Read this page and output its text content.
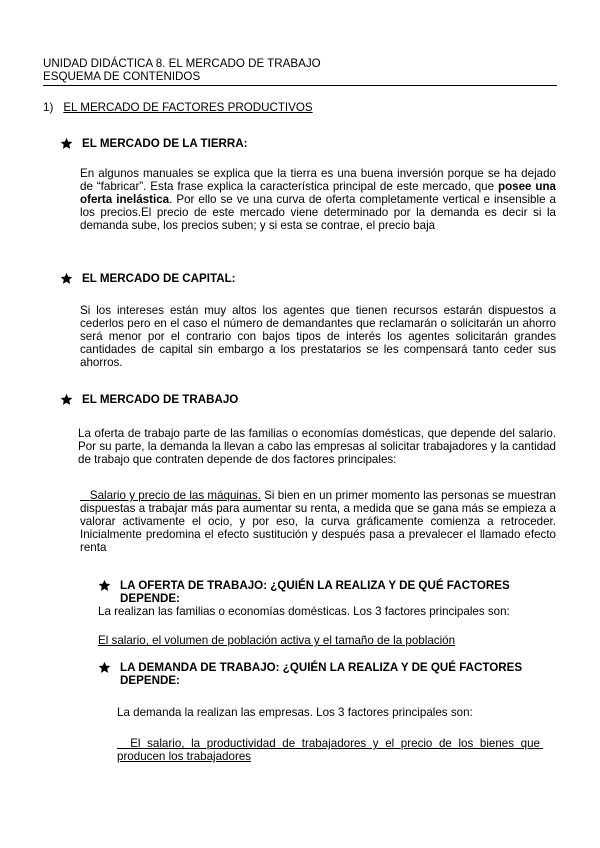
UNIDAD DIDÁCTICA 8. EL MERCADO DE TRABAJO
ESQUEMA DE CONTENIDOS
1) EL MERCADO DE FACTORES PRODUCTIVOS
EL MERCADO DE LA TIERRA:
En algunos manuales se explica que la tierra es una buena inversión porque se ha dejado de “fabricar”. Esta frase explica la característica principal de este mercado, que posee una oferta inelástica. Por ello se ve una curva de oferta completamente vertical e insensible a los precios.El precio de este mercado viene determinado por la demanda es decir si la demanda sube, los precios suben; y si esta se contrae, el precio baja
EL MERCADO DE CAPITAL:
Si los intereses están muy altos los agentes que tienen recursos estarán dispuestos a cederlos pero en el caso el número de demandantes que reclamarán o solicitarán un ahorro será menor por el contrario con bajos tipos de interés los agentes solicitarán grandes cantidades de capital sin embargo a los prestatarios se les compensará tanto ceder sus ahorros.
EL MERCADO DE TRABAJO
La oferta de trabajo parte de las familias o economías domésticas, que depende del salario. Por su parte, la demanda la llevan a cabo las empresas al solicitar trabajadores y la cantidad de trabajo que contraten depende de dos factores principales:
Salario y precio de las máquinas. Si bien en un primer momento las personas se muestran dispuestas a trabajar más para aumentar su renta, a medida que se gana más se empieza a valorar activamente el ocio, y por eso, la curva gráficamente comienza a retroceder. Inicialmente predomina el efecto sustitución y después pasa a prevalecer el llamado efecto renta
LA OFERTA DE TRABAJO: ¿QUIÉN LA REALIZA Y DE QUÉ FACTORES DEPENDE:
La realizan las familias o economías domésticas. Los 3 factores principales son:
El salario, el volumen de población activa y el tamaño de la población
LA DEMANDA DE TRABAJO: ¿QUIÉN LA REALIZA Y DE QUÉ FACTORES DEPENDE:
La demanda la realizan las empresas. Los 3 factores principales son:
El salario, la productividad de trabajadores y el precio de los bienes que producen los trabajadores
